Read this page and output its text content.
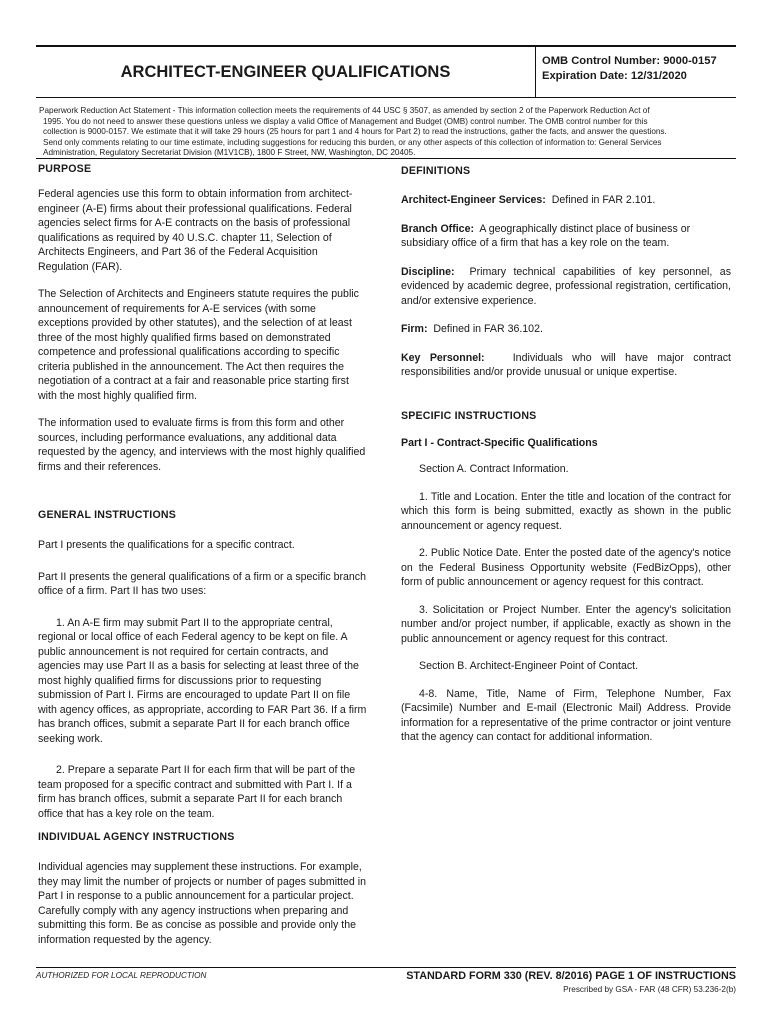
ARCHITECT-ENGINEER QUALIFICATIONS
OMB Control Number: 9000-0157
Expiration Date: 12/31/2020
Paperwork Reduction Act Statement - This information collection meets the requirements of 44 USC § 3507, as amended by section 2 of the Paperwork Reduction Act of
1995. You do not need to answer these questions unless we display a valid Office of Management and Budget (OMB) control number. The OMB control number for this
collection is 9000-0157. We estimate that it will take 29 hours (25 hours for part 1 and 4 hours for Part 2) to read the instructions, gather the facts, and answer the questions.
Send only comments relating to our time estimate, including suggestions for reducing this burden, or any other aspects of this collection of information to: General Services
Administration, Regulatory Secretariat Division (M1V1CB), 1800 F Street, NW, Washington, DC 20405.
PURPOSE

Federal agencies use this form to obtain information from architect-engineer (A-E) firms about their professional qualifications. Federal agencies select firms for A-E contracts on the basis of professional qualifications as required by 40 U.S.C. chapter 11, Selection of Architects Engineers, and Part 36 of the Federal Acquisition Regulation (FAR).

The Selection of Architects and Engineers statute requires the public announcement of requirements for A-E services (with some exceptions provided by other statutes), and the selection of at least three of the most highly qualified firms based on demonstrated competence and professional qualifications according to specific criteria published in the announcement. The Act then requires the negotiation of a contract at a fair and reasonable price starting first with the most highly qualified firm.

The information used to evaluate firms is from this form and other sources, including performance evaluations, any additional data requested by the agency, and interviews with the most highly qualified firms and their references.

GENERAL INSTRUCTIONS

Part I presents the qualifications for a specific contract.

Part II presents the general qualifications of a firm or a specific branch office of a firm. Part II has two uses:

1. An A-E firm may submit Part II to the appropriate central, regional or local office of each Federal agency to be kept on file. A public announcement is not required for certain contracts, and agencies may use Part II as a basis for selecting at least three of the most highly qualified firms for discussions prior to requesting submission of Part I. Firms are encouraged to update Part II on file with agency offices, as appropriate, according to FAR Part 36. If a firm has branch offices, submit a separate Part II for each branch office seeking work.

2. Prepare a separate Part II for each firm that will be part of the team proposed for a specific contract and submitted with Part I. If a firm has branch offices, submit a separate Part II for each branch office that has a key role on the team.

INDIVIDUAL AGENCY INSTRUCTIONS

Individual agencies may supplement these instructions. For example, they may limit the number of projects or number of pages submitted in Part I in response to a public announcement for a particular project. Carefully comply with any agency instructions when preparing and submitting this form. Be as concise as possible and provide only the information requested by the agency.

DEFINITIONS

Architect-Engineer Services: Defined in FAR 2.101.

Branch Office: A geographically distinct place of business or subsidiary office of a firm that has a key role on the team.

Discipline: Primary technical capabilities of key personnel, as evidenced by academic degree, professional registration, certification, and/or extensive experience.

Firm: Defined in FAR 36.102.

Key Personnel:	Individuals who will have major contract responsibilities and/or provide unusual or unique expertise.

SPECIFIC INSTRUCTIONS

Part I - Contract-Specific Qualifications

Section A. Contract Information.

1. Title and Location. Enter the title and location of the contract for which this form is being submitted, exactly as shown in the public announcement or agency request.

2. Public Notice Date. Enter the posted date of the agency's notice on the Federal Business Opportunity website (FedBizOpps), other form of public announcement or agency request for this contract.

3. Solicitation or Project Number. Enter the agency's solicitation number and/or project number, if applicable, exactly as shown in the public announcement or agency request for this contract.

Section B. Architect-Engineer Point of Contact.

4-8. Name, Title, Name of Firm, Telephone Number, Fax (Facsimile) Number and E-mail (Electronic Mail) Address. Provide information for a representative of the prime contractor or joint venture that the agency can contact for additional information.

AUTHORIZED FOR LOCAL REPRODUCTION	STANDARD FORM 330 (REV. 8/2016) PAGE 1 OF INSTRUCTIONS
Prescribed by GSA - FAR (48 CFR) 53.236-2(b)
